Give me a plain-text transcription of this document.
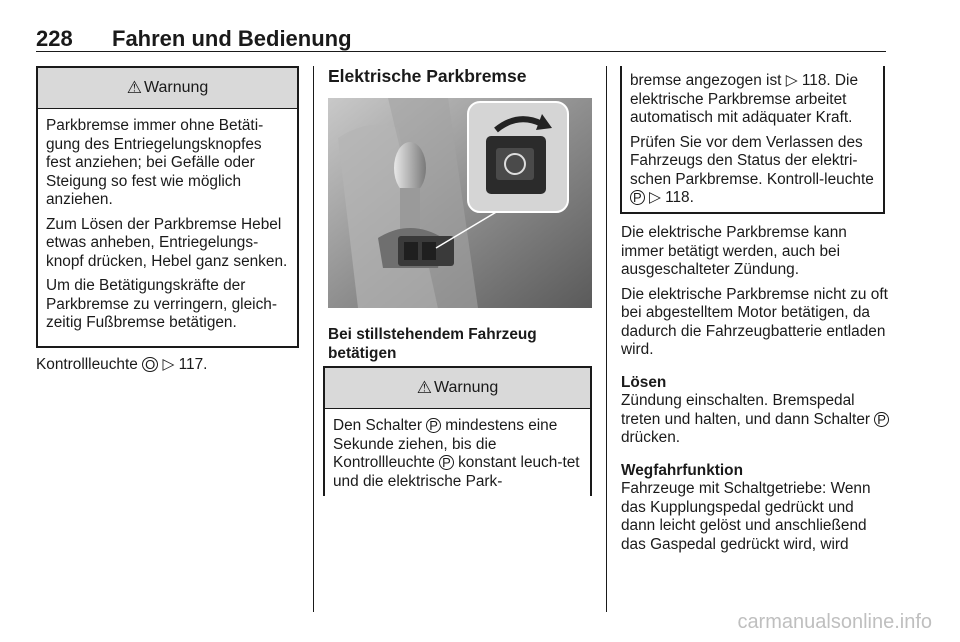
228 Fahren und Bedienung
⚠ Warnung

Parkbremse immer ohne Betäti-gung des Entriegelungsknopfes fest anziehen; bei Gefälle oder Steigung so fest wie möglich anziehen.

Zum Lösen der Parkbremse Hebel etwas anheben, Entriegelungs-knopf drücken, Hebel ganz senken.

Um die Betätigungskräfte der Parkbremse zu verringern, gleich-zeitig Fußbremse betätigen.

Kontrollleuchte O ▷ 117.
Elektrische Parkbremse

Bei stillstehendem Fahrzeug betätigen

⚠ Warnung

Den Schalter P mindestens eine Sekunde ziehen, bis die Kontrollleuchte P konstant leuch-tet und die elektrische Park-

bremse angezogen ist ▷ 118. Die elektrische Parkbremse arbeitet automatisch mit adäquater Kraft.

Prüfen Sie vor dem Verlassen des Fahrzeugs den Status der elektri-schen Parkbremse. Kontroll-leuchte P ▷ 118.

Die elektrische Parkbremse kann immer betätigt werden, auch bei ausgeschalteter Zündung.

Die elektrische Parkbremse nicht zu oft bei abgestelltem Motor betätigen, da dadurch die Fahrzeugbatterie entladen wird.

Lösen

Zündung einschalten. Bremspedal treten und halten, und dann Schalter P drücken.

Wegfahrfunktion

Fahrzeuge mit Schaltgetriebe: Wenn das Kupplungspedal gedrückt und dann leicht gelöst und anschließend das Gaspedal gedrückt wird, wird

carmanualsonline.info
